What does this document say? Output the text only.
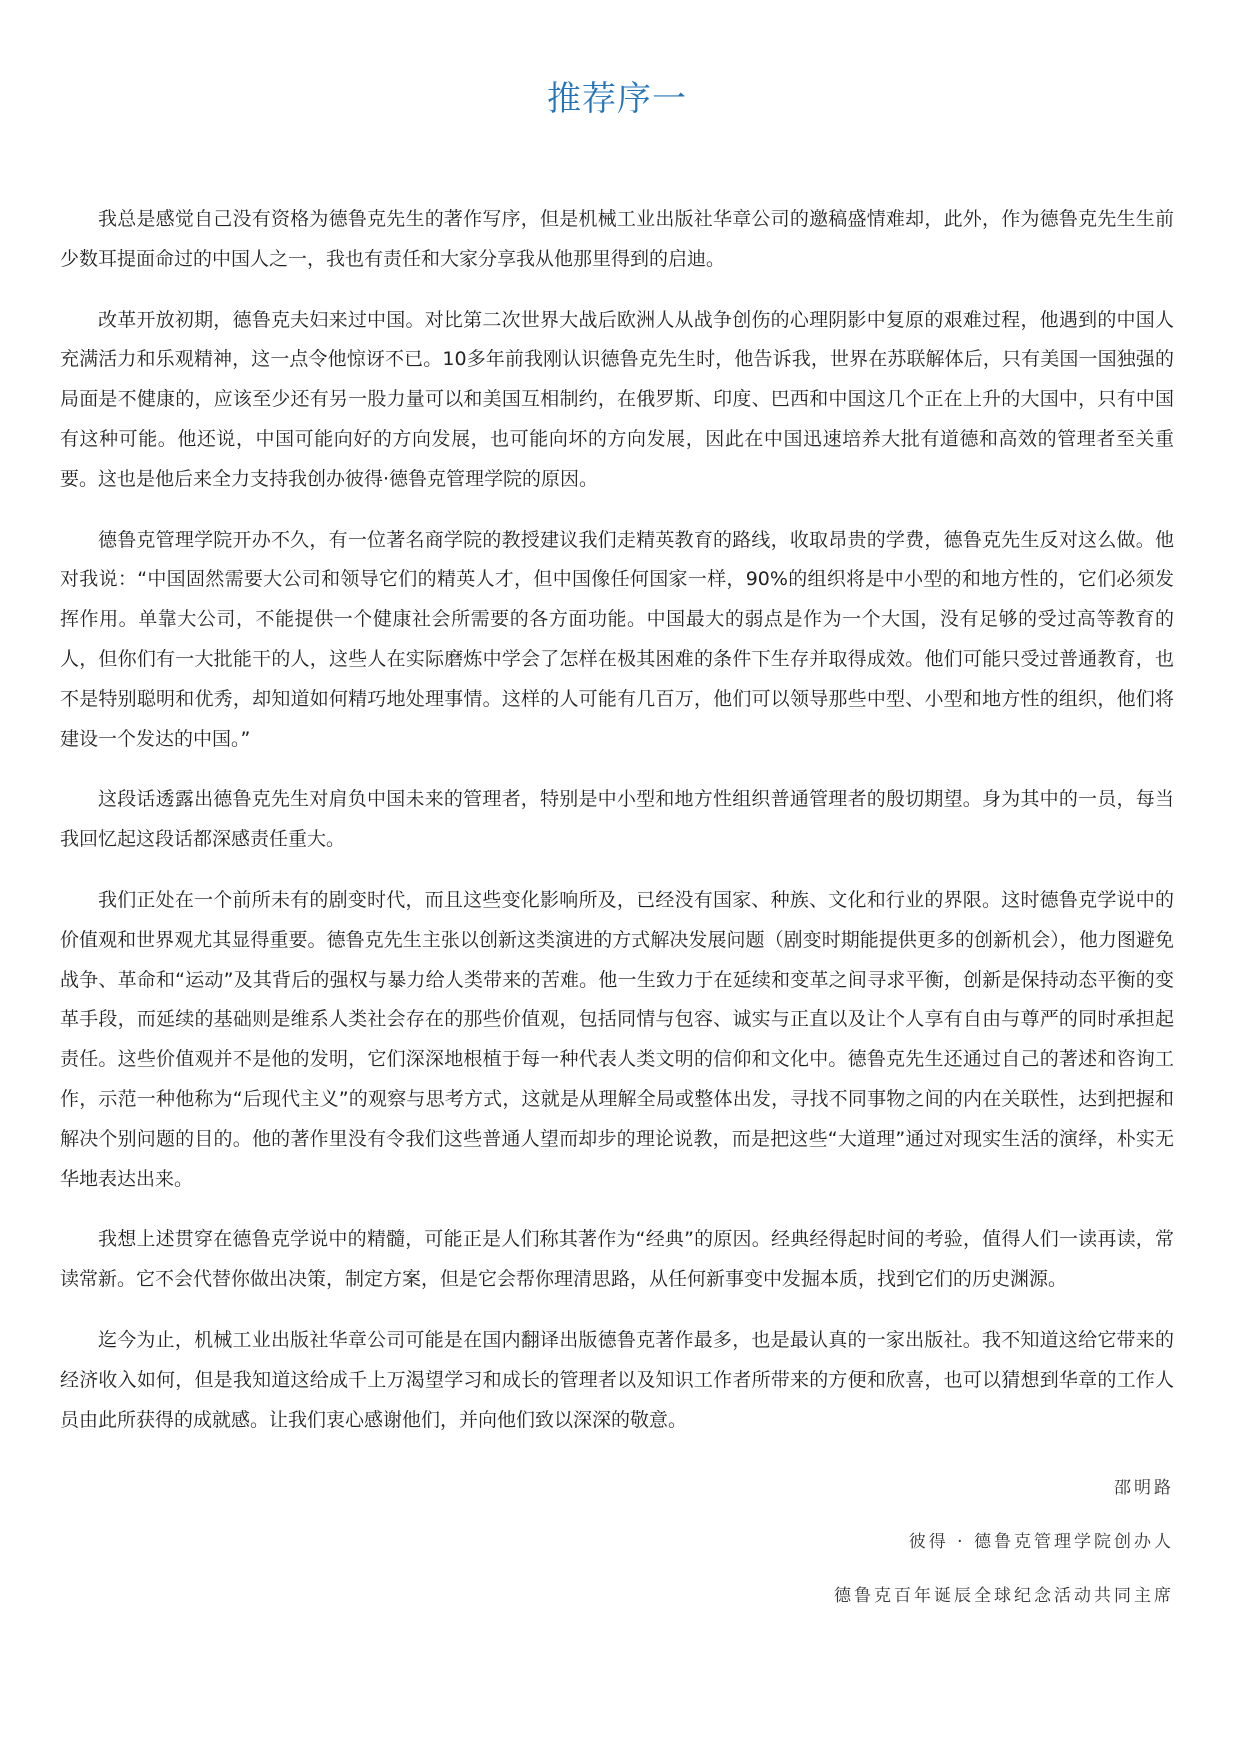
推荐序一

我总是感觉自己没有资格为德鲁克先生的著作写序，但是机械工业出版社华章公司的邀稿盛情难却，此外，作为德鲁克先生生前少数耳提面命过的中国人之一，我也有责任和大家分享我从他那里得到的启迪。

改革开放初期，德鲁克夫妇来过中国。对比第二次世界大战后欧洲人从战争创伤的心理阴影中复原的艰难过程，他遇到的中国人充满活力和乐观精神，这一点令他惊讶不已。10多年前我刚认识德鲁克先生时，他告诉我，世界在苏联解体后，只有美国一国独强的局面是不健康的，应该至少还有另一股力量可以和美国互相制约，在俄罗斯、印度、巴西和中国这几个正在上升的大国中，只有中国有这种可能。他还说，中国可能向好的方向发展，也可能向坏的方向发展，因此在中国迅速培养大批有道德和高效的管理者至关重要。这也是他后来全力支持我创办彼得·德鲁克管理学院的原因。

德鲁克管理学院开办不久，有一位著名商学院的教授建议我们走精英教育的路线，收取昂贵的学费，德鲁克先生反对这么做。他对我说：“中国固然需要大公司和领导它们的精英人才，但中国像任何国家一样，90%的组织将是中小型的和地方性的，它们必须发挥作用。单靠大公司，不能提供一个健康社会所需要的各方面功能。中国最大的弱点是作为一个大国，没有足够的受过高等教育的人，但你们有一大批能干的人，这些人在实际磨炼中学会了怎样在极其困难的条件下生存并取得成效。他们可能只受过普通教育，也不是特别聪明和优秀，却知道如何精巧地处理事情。这样的人可能有几百万，他们可以领导那些中型、小型和地方性的组织，他们将建设一个发达的中国。”

这段话透露出德鲁克先生对肩负中国未来的管理者，特别是中小型和地方性组织普通管理者的殷切期望。身为其中的一员，每当我回忆起这段话都深感责任重大。

我们正处在一个前所未有的剧变时代，而且这些变化影响所及，已经没有国家、种族、文化和行业的界限。这时德鲁克学说中的价值观和世界观尤其显得重要。德鲁克先生主张以创新这类演进的方式解决发展问题（剧变时期能提供更多的创新机会），他力图避免战争、革命和“运动”及其背后的强权与暴力给人类带来的苦难。他一生致力于在延续和变革之间寻求平衡，创新是保持动态平衡的变革手段，而延续的基础则是维系人类社会存在的那些价值观，包括同情与包容、诚实与正直以及让个人享有自由与尊严的同时承担起责任。这些价值观并不是他的发明，它们深深地根植于每一种代表人类文明的信仰和文化中。德鲁克先生还通过自己的著述和咨询工作，示范一种他称为“后现代主义”的观察与思考方式，这就是从理解全局或整体出发，寻找不同事物之间的内在关联性，达到把握和解决个别问题的目的。他的著作里没有令我们这些普通人望而却步的理论说教，而是把这些“大道理”通过对现实生活的演绎，朴实无华地表达出来。

我想上述贯穿在德鲁克学说中的精髓，可能正是人们称其著作为“经典”的原因。经典经得起时间的考验，值得人们一读再读，常读常新。它不会代替你做出决策，制定方案，但是它会帮你理清思路，从任何新事变中发掘本质，找到它们的历史渊源。

迄今为止，机械工业出版社华章公司可能是在国内翻译出版德鲁克著作最多，也是最认真的一家出版社。我不知道这给它带来的经济收入如何，但是我知道这给成千上万渴望学习和成长的管理者以及知识工作者所带来的方便和欣喜，也可以猜想到华章的工作人员由此所获得的成就感。让我们衷心感谢他们，并向他们致以深深的敬意。

邵明路
彼得 · 德鲁克管理学院创办人
德鲁克百年诞辰全球纪念活动共同主席
